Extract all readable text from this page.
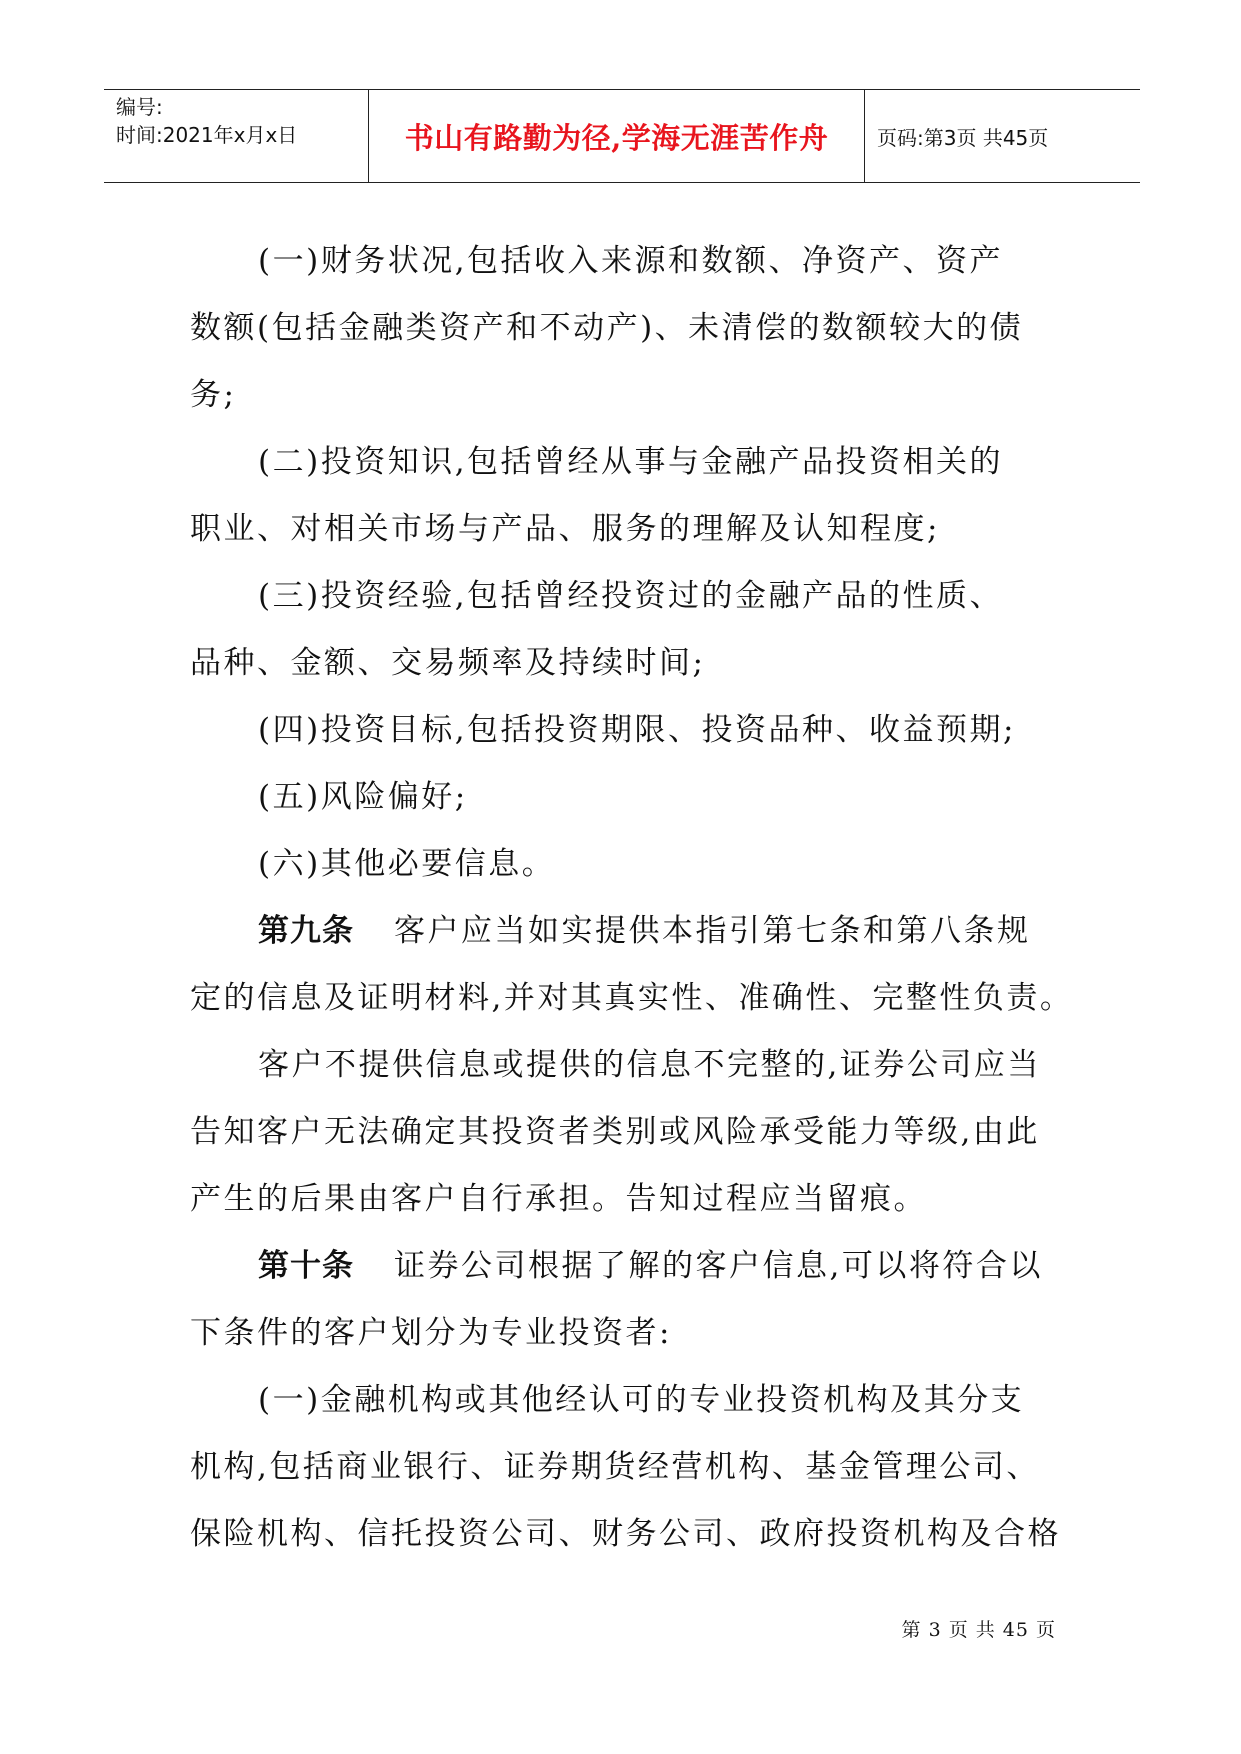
编号:
时间:2021年x月x日	书山有路勤为径,学海无涯苦作舟	页码:第3页 共45页

(一)财务状况,包括收入来源和数额、净资产、资产

数额(包括金融类资产和不动产)、未清偿的数额较大的债

务;

(二)投资知识,包括曾经从事与金融产品投资相关的

职业、对相关市场与产品、服务的理解及认知程度;

(三)投资经验,包括曾经投资过的金融产品的性质、

品种、金额、交易频率及持续时间;

(四)投资目标,包括投资期限、投资品种、收益预期;

(五)风险偏好;

(六)其他必要信息。

第九条 客户应当如实提供本指引第七条和第八条规

定的信息及证明材料,并对其真实性、准确性、完整性负责。

客户不提供信息或提供的信息不完整的,证券公司应当

告知客户无法确定其投资者类别或风险承受能力等级,由此

产生的后果由客户自行承担。告知过程应当留痕。

第十条 证券公司根据了解的客户信息,可以将符合以

下条件的客户划分为专业投资者:

(一)金融机构或其他经认可的专业投资机构及其分支

机构,包括商业银行、证券期货经营机构、基金管理公司、

保险机构、信托投资公司、财务公司、政府投资机构及合格

第 3 页 共 45 页
